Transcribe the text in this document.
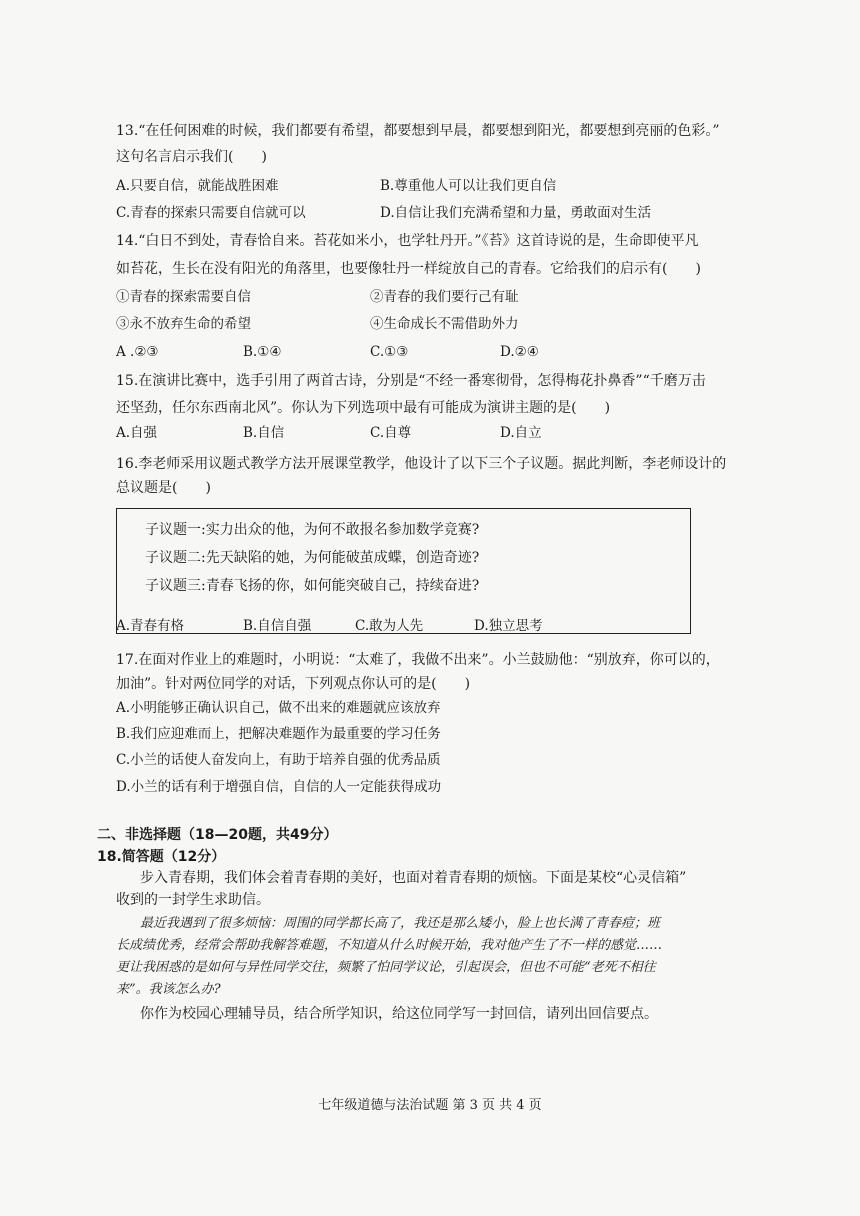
13.“在任何困难的时候，我们都要有希望，都要想到早晨，都要想到阳光，都要想到亮丽的色彩。”
这句名言启示我们(　　)
A.只要自信，就能战胜困难	B.尊重他人可以让我们更自信
C.青春的探索只需要自信就可以	D.自信让我们充满希望和力量，勇敢面对生活
14.“白日不到处，青春恰自来。苔花如米小，也学牡丹开。”《苔》这首诗说的是，生命即使平凡
如苔花，生长在没有阳光的角落里，也要像牡丹一样绽放自己的青春。它给我们的启示有(　　)
①青春的探索需要自信	②青春的我们要行己有耻
③永不放弃生命的希望	④生命成长不需借助外力
A .②③	B.①④	C.①③	D.②④
15.在演讲比赛中，选手引用了两首古诗，分别是“不经一番寒彻骨，怎得梅花扑鼻香”“千磨万击
还坚劲，任尔东西南北风”。你认为下列选项中最有可能成为演讲主题的是(　　)
A.自强	B.自信	C.自尊	D.自立
16.李老师采用议题式教学方法开展课堂教学，他设计了以下三个子议题。据此判断，李老师设计的
总议题是(　　)
子议题一:实力出众的他，为何不敢报名参加数学竞赛?
子议题二:先天缺陷的她，为何能破茧成蝶，创造奇迹?
子议题三:青春飞扬的你，如何能突破自己，持续奋进?
A.青春有格	B.自信自强	C.敢为人先	D.独立思考
17.在面对作业上的难题时，小明说：“太难了，我做不出来”。小兰鼓励他：“别放弃，你可以的，
加油”。针对两位同学的对话，下列观点你认可的是(　　)
A.小明能够正确认识自己，做不出来的难题就应该放弃
B.我们应迎难而上，把解决难题作为最重要的学习任务
C.小兰的话使人奋发向上，有助于培养自强的优秀品质
D.小兰的话有利于增强自信，自信的人一定能获得成功
二、非选择题（18—20题，共49分）
18.简答题（12分）
步入青春期，我们体会着青春期的美好，也面对着青春期的烦恼。下面是某校“心灵信箱”
收到的一封学生求助信。
最近我遇到了很多烦恼：周围的同学都长高了，我还是那么矮小，脸上也长满了青春痘；班
长成绩优秀，经常会帮助我解答难题，不知道从什么时候开始，我对他产生了不一样的感觉……
更让我困惑的是如何与异性同学交往，频繁了怕同学议论，引起误会，但也不可能“老死不相往
来”。我该怎么办?
你作为校园心理辅导员，结合所学知识，给这位同学写一封回信，请列出回信要点。
七年级道德与法治试题 第 3 页 共 4 页
